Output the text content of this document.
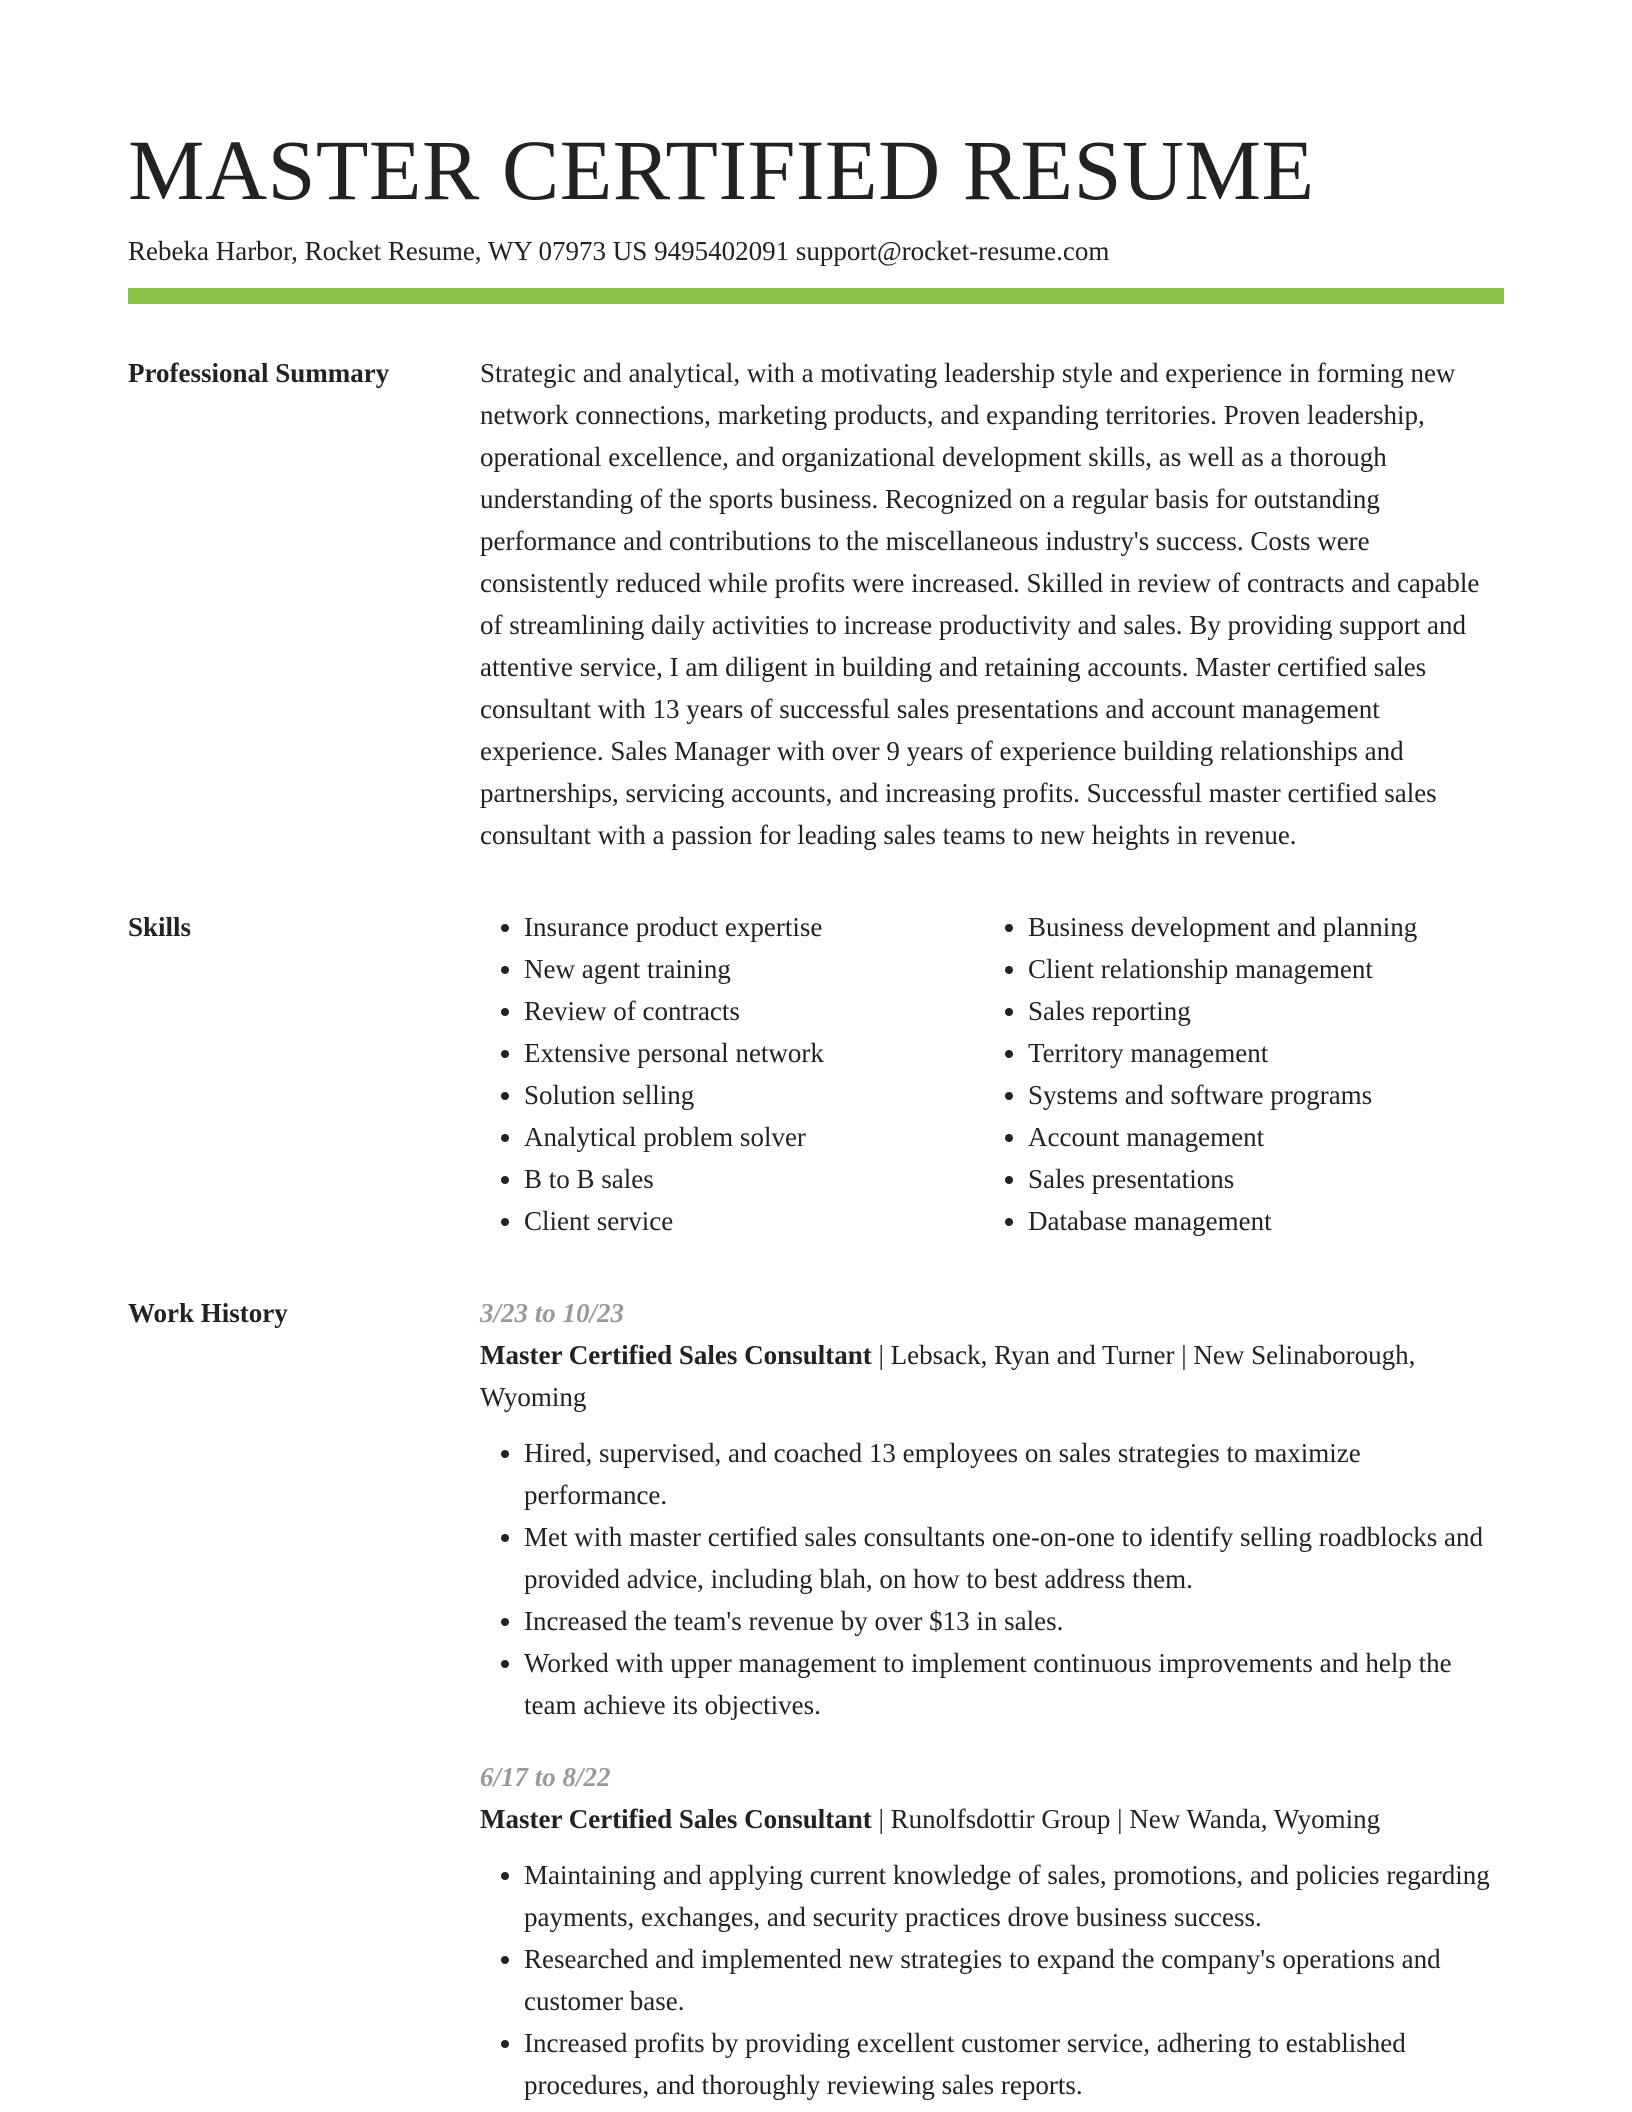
MASTER CERTIFIED RESUME
Rebeka Harbor, Rocket Resume, WY 07973 US 9495402091 support@rocket-resume.com
Professional Summary	Strategic and analytical, with a motivating leadership style and experience in forming new network connections, marketing products, and expanding territories. Proven leadership, operational excellence, and organizational development skills, as well as a thorough understanding of the sports business. Recognized on a regular basis for outstanding performance and contributions to the miscellaneous industry's success. Costs were consistently reduced while profits were increased. Skilled in review of contracts and capable of streamlining daily activities to increase productivity and sales. By providing support and attentive service, I am diligent in building and retaining accounts. Master certified sales consultant with 13 years of successful sales presentations and account management experience. Sales Manager with over 9 years of experience building relationships and partnerships, servicing accounts, and increasing profits. Successful master certified sales consultant with a passion for leading sales teams to new heights in revenue.

Skills
•	Insurance product expertise
• New agent training
• Review of contracts
• Extensive personal network
• Solution selling
• Analytical problem solver
• B to B sales
• Client service
• Business development and planning
• Client relationship management
• Sales reporting
• Territory management
• Systems and software programs
• Account management
• Sales presentations
• Database management
Work History	3/23 to 10/23
Master Certified Sales Consultant | Lebsack, Ryan and Turner | New Selinaborough, Wyoming
• Hired, supervised, and coached 13 employees on sales strategies to maximize performance.
• Met with master certified sales consultants one-on-one to identify selling roadblocks and provided advice, including blah, on how to best address them.
• Increased the team's revenue by over $13 in sales.
• Worked with upper management to implement continuous improvements and help the team achieve its objectives.
6/17 to 8/22
Master Certified Sales Consultant | Runolfsdottir Group | New Wanda, Wyoming
• Maintaining and applying current knowledge of sales, promotions, and policies regarding payments, exchanges, and security practices drove business success.
• Researched and implemented new strategies to expand the company's operations and customer base.
• Increased profits by providing excellent customer service, adhering to established procedures, and thoroughly reviewing sales reports.
